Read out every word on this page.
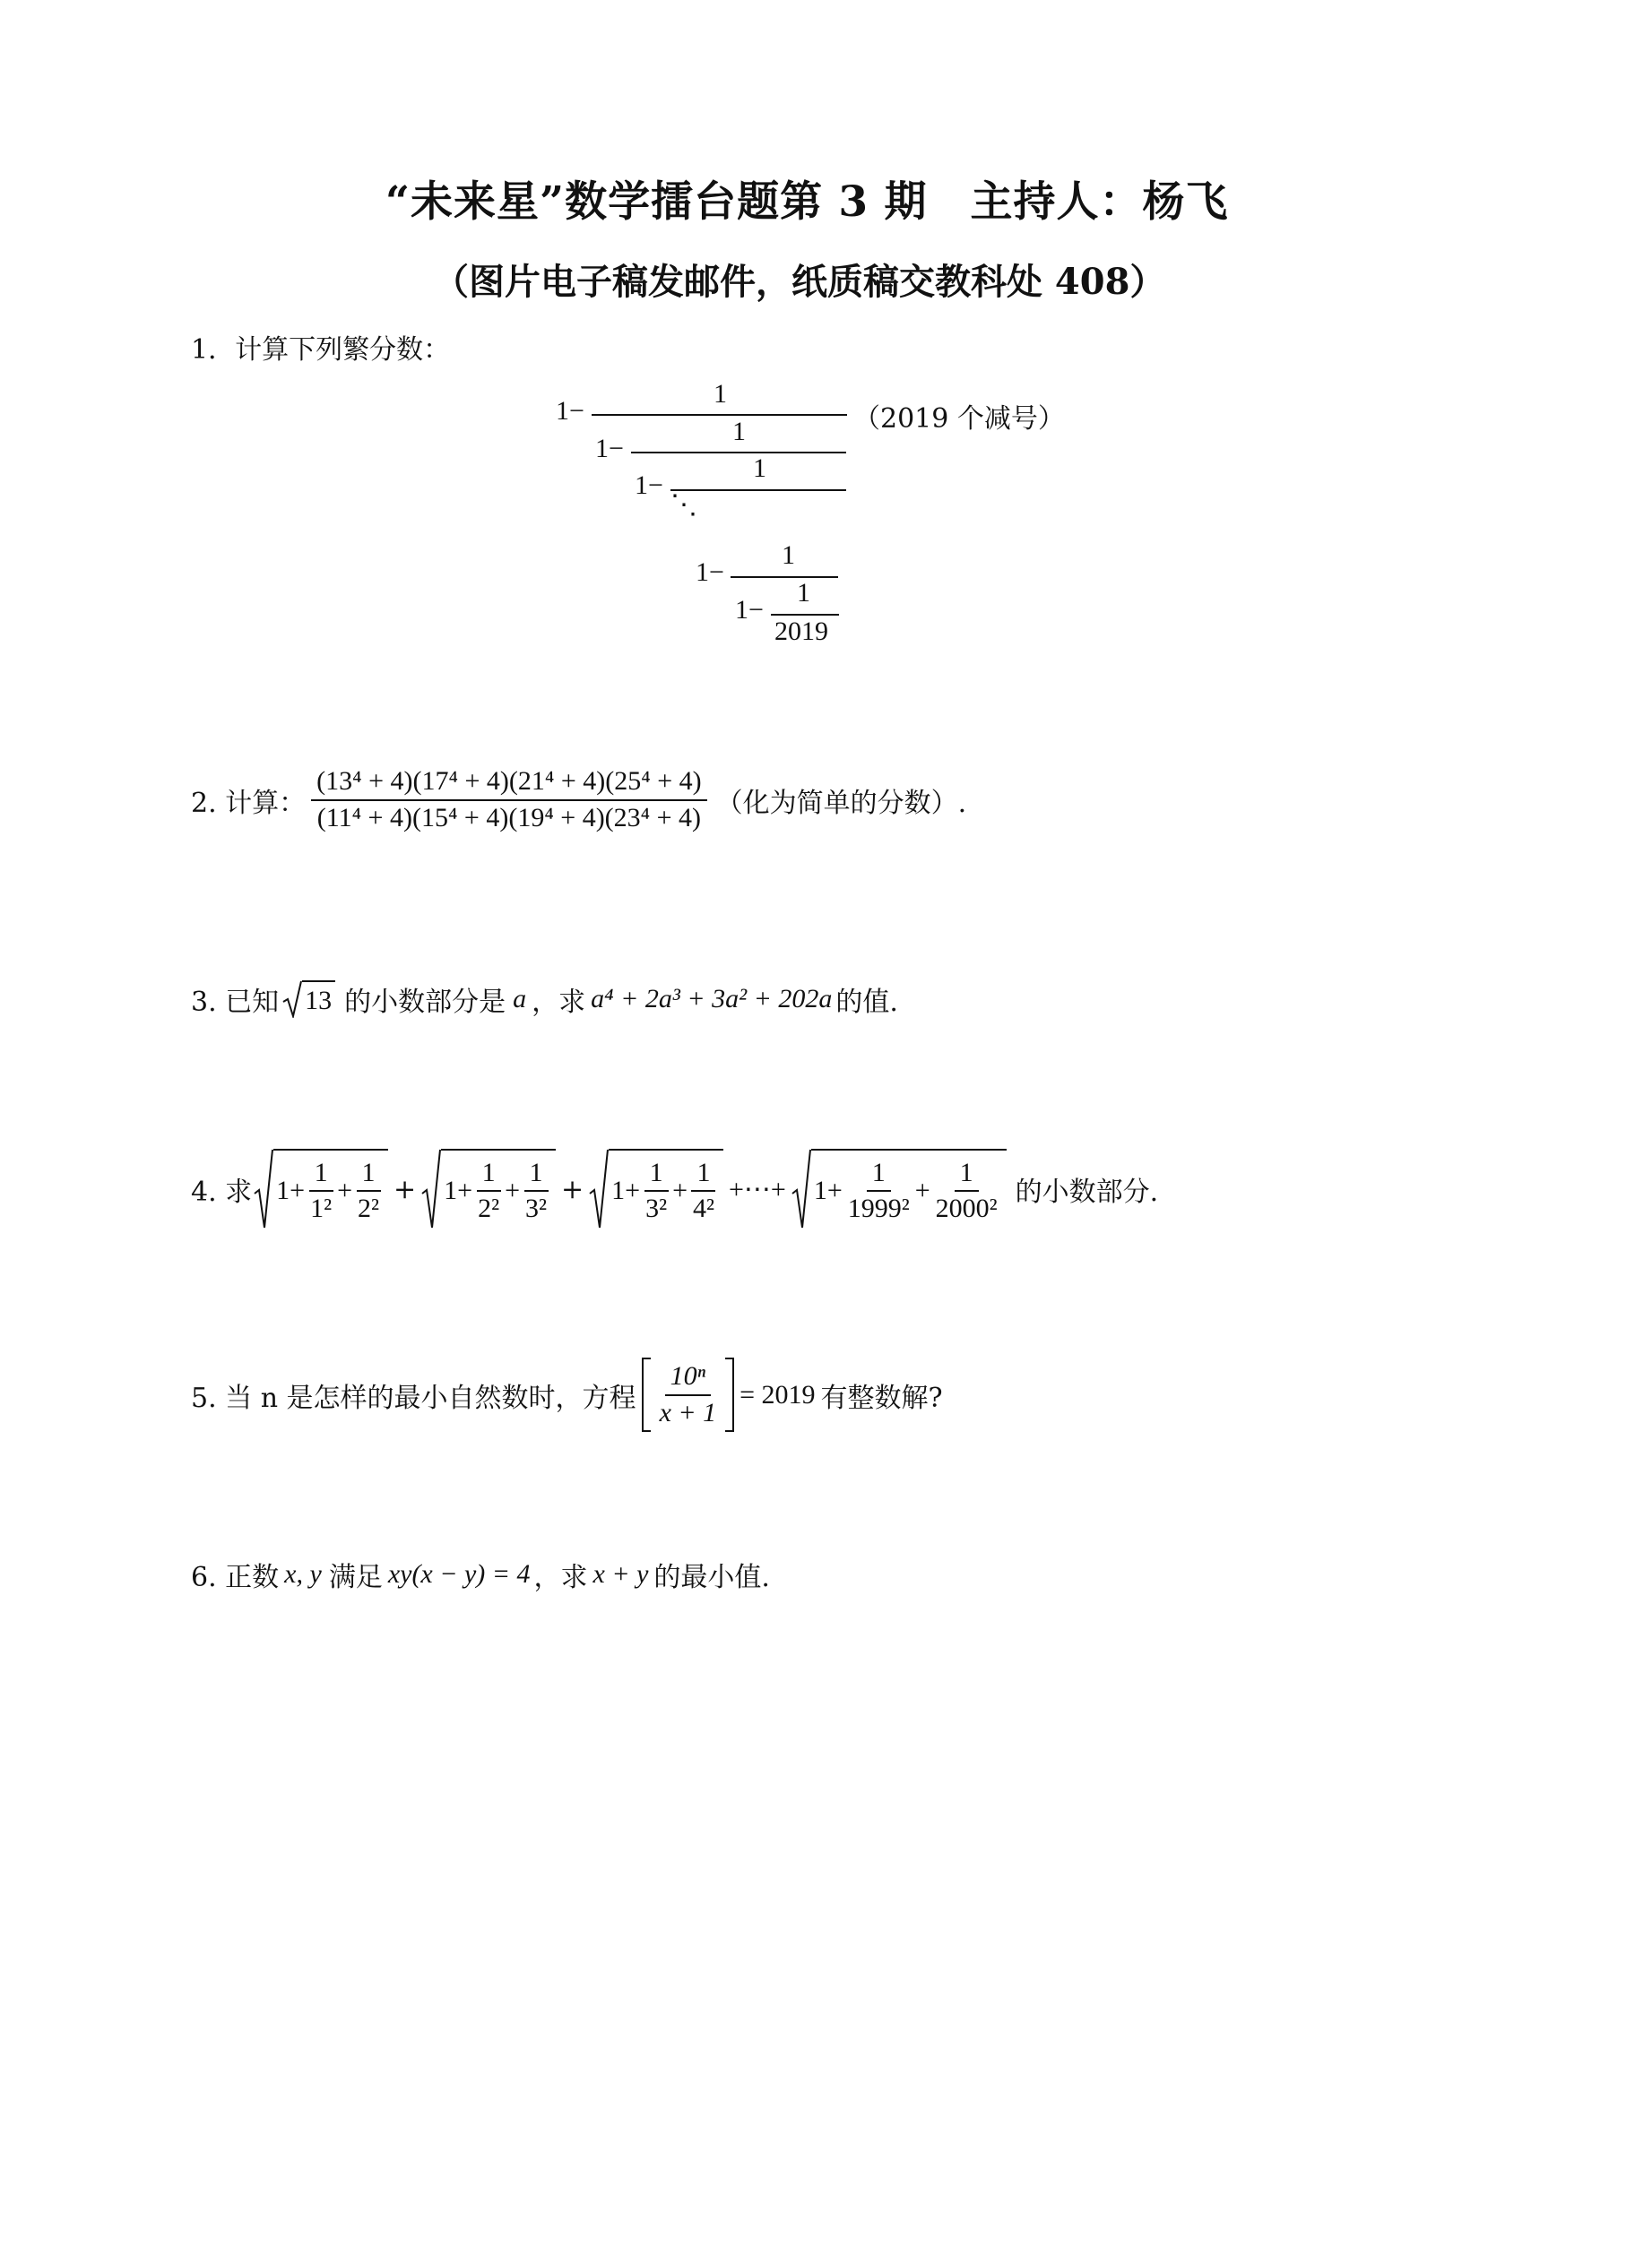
“未来星”数学擂台题第 3 期　主持人：杨飞
（图片电子稿发邮件，纸质稿交教科处 408）
1．计算下列繁分数：
1
1−
1
1−
1
1−
⋱
1
1−
1
1−
2019
（2019 个减号）
2. 计算： $\frac{\text{(13⁴ + 4)(17⁴ + 4)(21⁴ + 4)(25⁴ + 4)}}{\text{(11⁴ + 4)(15⁴ + 4)(19⁴ + 4)(23⁴ + 4)}}$ （化为简单的分数）.
3. 已知 13 的小数部分是 a ，求 a⁴ + 2a³ + 3a² + 202a 的值.
4. 求 $1+ \frac{1}{\text{1²}} + \frac{1}{\text{2²}} + 1+ \frac{1}{\text{2²}} + \frac{1}{\text{3²}} + 1+ \frac{1}{\text{3²}} + \frac{1}{\text{4²}}$ +⋯+ $1+ \frac{1}{\text{1999²}} + \frac{1}{\text{2000²}}$ 的小数部分.
5. 当 n 是怎样的最小自然数时，方程 $\frac{\text{10ⁿ}}{x + 1} = 2019$ 有整数解?
6. 正数 x, y 满足 xy(x − y) = 4 ，求 x + y 的最小值.
